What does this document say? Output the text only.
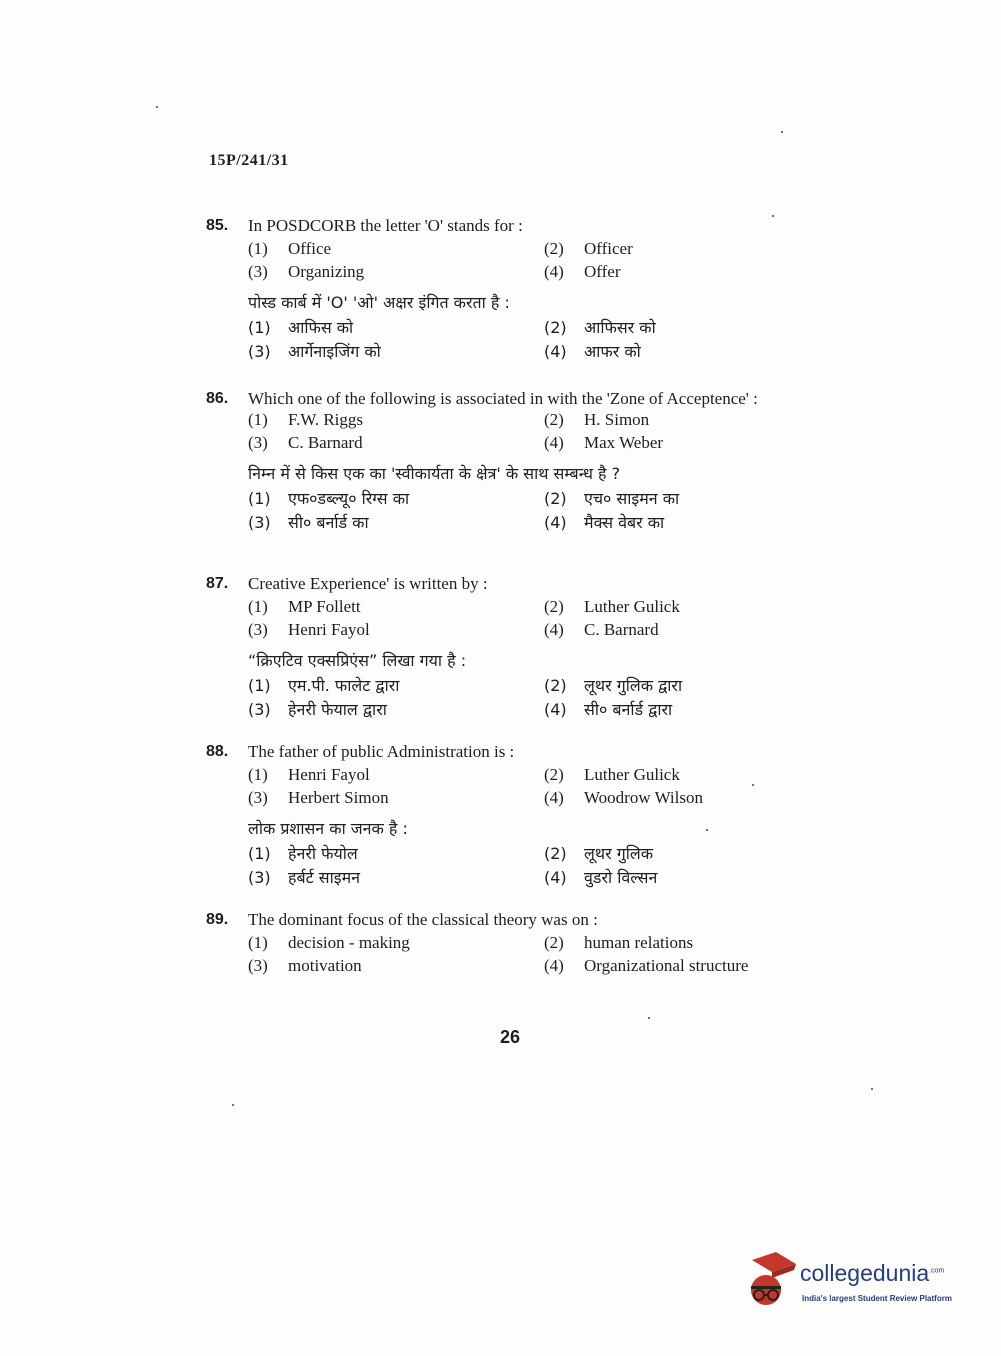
15P/241/31
85. In POSDCORB the letter 'O' stands for :
(1)	Office	(2)	Officer
(3)	Organizing	(4)	Offer
पोस्ड कार्ब में 'O' 'ओ' अक्षर इंगित करता है :
(1)	आफिस को	(2)	आफिसर को
(3)	आर्गेनाइजिंग को	(4)	आफर को
86. Which one of the following is associated in with the 'Zone of Acceptence' :
(1)	F.W. Riggs	(2)	H. Simon
(3)	C. Barnard	(4)	Max Weber
निम्न में से किस एक का 'स्वीकार्यता के क्षेत्र' के साथ सम्बन्ध है ?
(1)	एफ०डब्ल्यू० रिग्स का	(2)	एच० साइमन का
(3)	सी० बर्नार्ड का	(4)	मैक्स वेबर का
87. Creative Experience' is written by :
(1)	MP Follett	(2)	Luther Gulick
(3)	Henri Fayol	(4)	C. Barnard
“क्रिएटिव एक्सप्रिएंस” लिखा गया है :
(1)	एम.पी. फालेट द्वारा	(2)	लूथर गुलिक द्वारा
(3)	हेनरी फेयाल द्वारा	(4)	सी० बर्नार्ड द्वारा
88. The father of public Administration is :
(1)	Henri Fayol	(2)	Luther Gulick
(3)	Herbert Simon	(4)	Woodrow Wilson
लोक प्रशासन का जनक है :
(1)	हेनरी फेयोल	(2)	लूथर गुलिक
(3)	हर्बर्ट साइमन	(4)	वुडरो विल्सन
89. The dominant focus of the classical theory was on :
(1)	decision - making	(2)	human relations
(3)	motivation	(4)	Organizational structure
26
collegedunia$^{.com}$
India's largest Student Review Platform
